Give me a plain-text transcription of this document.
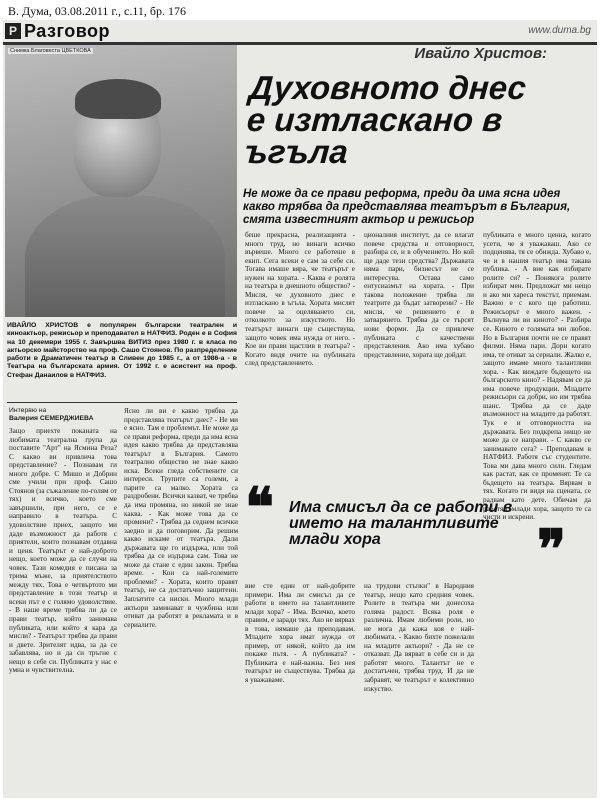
В. Дума, 03.08.2011 г., с.11, бр. 176
Р Разговор	www.duma.bg
Снимка Благовеста ЦВЕТКОВА
ИВАЙЛО ХРИСТОВ е популярен български театрален и киноактьор, режисьор и преподавател в НАТФИЗ. Роден е в София на 10 декември 1955 г. Завършва ВИТИЗ през 1980 г. в класа по актьорско майсторство на проф. Сашо Стоянов. По разпределение работи в Драматичен театър в Сливен до 1985 г., а от 1986-а - в Театъра на българската армия. От 1992 г. е асистент на проф. Стефан Данаилов в НАТФИЗ.
Ивайло Христов:
Духовното днес е изтласкано в ъгъла
Не може да се прави реформа, преди да има ясна идея какво трябва да представлява театърът в България, смята известният актьор и режисьор
Интервю на
Валерия СЕМЕРДЖИЕВА
Защо приехте поканата на любимата театрална група да поставите "Арт" на Ясмина Реза? С какво ви привлича това представление? - Познавам ги много добре. С Мишо и Добрин сме учили при проф. Сашо Стоянов (за съжаление по-голям от тях) и всичко, което сме завършили, при него, се е направило в театъра. С удоволствие приех, защото ми даде възможност да работя с приятели, които познавам отдавна и ценя. Театърът е най-доброто нещо, което може да се случи на човек. Тази комедия е писана за трима мъже, за приятелството между тях. Това е четвъртото ми представление в този театър и всеки път е с голямо удоволствие. - В наше време трябва ли да се прави театър, който занимава публиката, или който я кара да мисли? - Театърът трябва да прави и двете. Зрителят идва, за да се забавлява, но и да си тръгне с нещо в себе си. Публиката у нас е умна и чувствителна.
Ясно ли ви е какво трябва да представлява театърът днес? - Не ми е ясно. Там е проблемът. Не може да се прави реформа, преди да има ясна идея какво трябва да представлява театърът в България. Самото театрално общество не знае какво иска. Всеки гледа собствените си интереси. Трупите са големи, а парите са малко. Хората са раздробени. Всички казват, че трябва да има промяна, но никой не знае каква. - Как може това да се промени? - Трябва да седнем всички заедно и да поговорим. Да решим какво искаме от театъра. Дали държавата ще го издържа, или той трябва да се издържа сам. Това не може да стане с един закон. Трябва време. - Кои са най-големите проблеми? - Хората, които правят театър, не са достатъчно защитени. Заплатите са ниски. Много млади актьори заминават в чужбина или отиват да работят в рекламата и в сериалите.
беше прекрасна, реализацията - много труд, но винаги всичко вървеше. Много се работеше в екип. Сега всеки е сам за себе си. Тогава имаше вяра, че театърът е нужен на хората. - Каква е ролята на театъра в днешното общество? - Мисля, че духовното днес е изтласкано в ъгъла. Хората мислят повече за оцеляването си, отколкото за изкуството. Но театърът винаги ще съществува, защото човек има нужда от него. - Кое ви прави щастлив в театъра? - Когато видя очите на публиката след представлението.
ционалния институт, да се влагат повече средства и отговорност, разбира се, и в обучението. Но кой ще даде тези средства? Държавата няма пари, бизнесът не се интересува. Остава само ентусиазмът на хората. - При такова положение трябва ли театрите да бъдат затворени? - Не мисля, че решението е в затварянето. Трябва да се търсят нови форми. Да се привлече публиката с качествени представления. Ако има хубаво представление, хората ще дойдат.
публиката е много ценна, когато усети, че я уважаваш. Ако се подценява, тя се обижда. Хубаво е, че и в нашия театър има такава публика. - А вие как избирате ролите си? - Понякога ролите избират мен. Предложат ми нещо и ако ми хареса текстът, приемам. Важно е с кого ще работиш. Режисьорът е много важен. - Вълнува ли ви киното? - Разбира се. Киното е голямата ми любов. Но в България почти не се правят филми. Няма пари. Дори когато има, те отиват за сериали. Жалко е, защото имаме много талантливи хора. - Как виждате бъдещето на българското кино? - Надявам се да има повече продукции. Младите режисьори са добри, но им трябва шанс. Трябва да се даде възможност на младите да работят. Тук е и отговорността на държавата. Без подкрепа нищо не може да се направи. - С какво се занимавате сега? - Преподавам в НАТФИЗ. Работя със студентите. Това ми дава много сили. Гледам как растат, как се променят. Те са бъдещето на театъра. Вярвам в тях. Когато ги видя на сцената, се радвам като дете. Обичам да работя с млади хора, защото те са чисти и искрени.
❝ Има смисъл да се работи в името на талантливите млади хора	❞
вие сте един от най-добрите примери. Има ли смисъл да се работи в името на талантливите млади хора? - Има. Всичко, което правим, е заради тях. Ако не вярвах в това, нямаше да преподавам. Младите хора имат нужда от пример, от някой, който да им покаже пътя. - А публиката? - Публиката е най-важна. Без нея театърът не съществува. Трябва да я уважаваме.
на трудови стъпки" в Народния театър, нещо като средния човек. Ролите в театъра ми донесоха голяма радост. Всяка роля е различна. Имам любими роли, но не мога да кажа коя е най-любимата. - Какво бихте пожелали на младите актьори? - Да не се отказват. Да вярват в себе си и да работят много. Талантът не е достатъчен, трябва труд. И да не забравят, че театърът е колективно изкуство.
